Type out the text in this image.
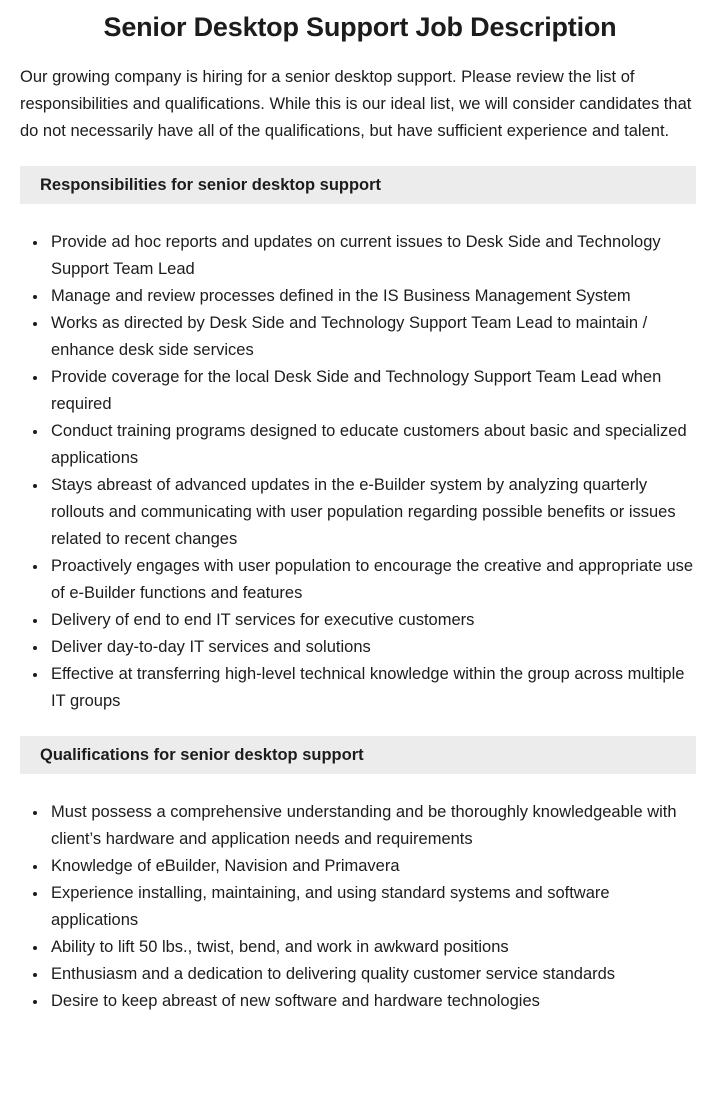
Senior Desktop Support Job Description

Our growing company is hiring for a senior desktop support. Please review the list of responsibilities and qualifications. While this is our ideal list, we will consider candidates that do not necessarily have all of the qualifications, but have sufficient experience and talent.

Responsibilities for senior desktop support
• Provide ad hoc reports and updates on current issues to Desk Side and Technology Support Team Lead
• Manage and review processes defined in the IS Business Management System
• Works as directed by Desk Side and Technology Support Team Lead to maintain / enhance desk side services
• Provide coverage for the local Desk Side and Technology Support Team Lead when required
• Conduct training programs designed to educate customers about basic and specialized applications
• Stays abreast of advanced updates in the e-Builder system by analyzing quarterly rollouts and communicating with user population regarding possible benefits or issues related to recent changes
• Proactively engages with user population to encourage the creative and appropriate use of e-Builder functions and features
• Delivery of end to end IT services for executive customers
• Deliver day-to-day IT services and solutions
• Effective at transferring high-level technical knowledge within the group across multiple IT groups
Qualifications for senior desktop support
• Must possess a comprehensive understanding and be thoroughly knowledgeable with client’s hardware and application needs and requirements
• Knowledge of eBuilder, Navision and Primavera
• Experience installing, maintaining, and using standard systems and software applications
• Ability to lift 50 lbs., twist, bend, and work in awkward positions
• Enthusiasm and a dedication to delivering quality customer service standards
• Desire to keep abreast of new software and hardware technologies
